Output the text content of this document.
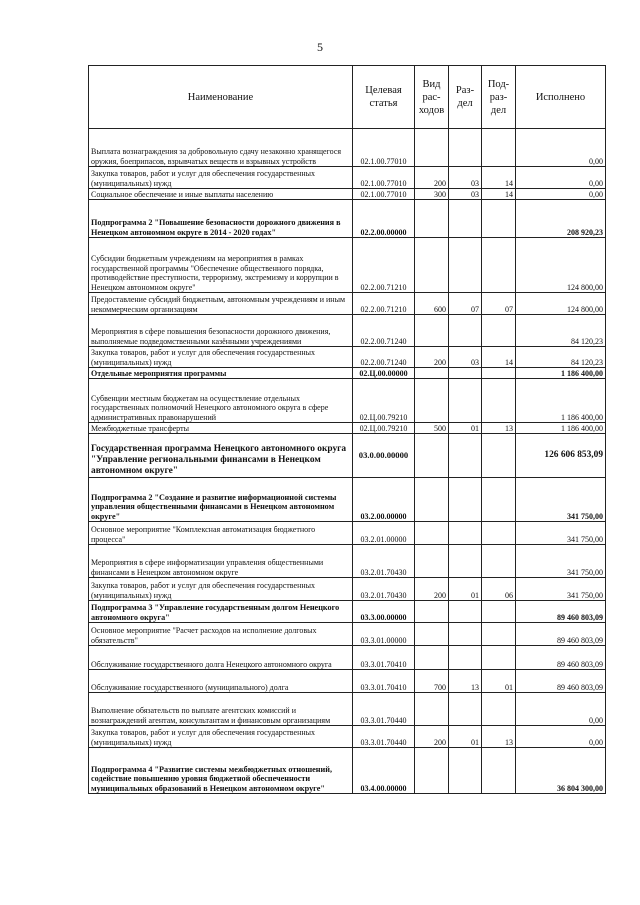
5
Наименование	Целевая статья	Вид рас-ходов	Раз-дел	Под-раз-дел	Исполнено
Выплата вознаграждения за добровольную сдачу незаконно хранящегося оружия, боеприпасов, взрывчатых веществ и взрывных устройств	02.1.00.77010				0,00
Закупка товаров, работ и услуг для обеспечения государственных (муниципальных) нужд	02.1.00.77010	200	03	14	0,00
Социальное обеспечение и иные выплаты населению	02.1.00.77010	300	03	14	0,00
Подпрограмма 2 "Повышение безопасности дорожного движения в Ненецком автономном округе в 2014 - 2020 годах"	02.2.00.00000				208 920,23
Субсидии бюджетным учреждениям на мероприятия в рамках государственной программы "Обеспечение общественного порядка, противодействие преступности, терроризму, экстремизму и коррупции в Ненецком автономном округе"	02.2.00.71210				124 800,00
Предоставление субсидий бюджетным, автономным учреждениям и иным некоммерческим организациям	02.2.00.71210	600	07	07	124 800,00
Мероприятия в сфере повышения безопасности дорожного движения, выполняемые подведомственными казёнными учреждениями	02.2.00.71240				84 120,23
Закупка товаров, работ и услуг для обеспечения государственных (муниципальных) нужд	02.2.00.71240	200	03	14	84 120,23
Отдельные мероприятия программы	02.Ц.00.00000				1 186 400,00
Субвенции местным бюджетам на осуществление отдельных государственных полномочий Ненецкого автономного округа в сфере административных правонарушений	02.Ц.00.79210				1 186 400,00
Межбюджетные трансферты	02.Ц.00.79210	500	01	13	1 186 400,00
Государственная программа Ненецкого автономного округа "Управление региональными финансами в Ненецком автономном округе"	03.0.00.00000				126 606 853,09
Подпрограмма 2 "Создание и развитие информационной системы управления общественными финансами в Ненецком автономном округе"	03.2.00.00000				341 750,00
Основное мероприятие "Комплексная автоматизация бюджетного процесса"	03.2.01.00000				341 750,00
Мероприятия в сфере информатизации управления общественными финансами в Ненецком автономном округе	03.2.01.70430				341 750,00
Закупка товаров, работ и услуг для обеспечения государственных (муниципальных) нужд	03.2.01.70430	200	01	06	341 750,00
Подпрограмма 3 "Управление государственным долгом Ненецкого автономного округа"	03.3.00.00000				89 460 803,09
Основное мероприятие "Расчет расходов на исполнение долговых обязательств"	03.3.01.00000				89 460 803,09
Обслуживание государственного долга Ненецкого автономного округа	03.3.01.70410				89 460 803,09
Обслуживание государственного (муниципального) долга	03.3.01.70410	700	13	01	89 460 803,09
Выполнение обязательств по выплате агентских комиссий и вознаграждений агентам, консультантам и финансовым организациям	03.3.01.70440				0,00
Закупка товаров, работ и услуг для обеспечения государственных (муниципальных) нужд	03.3.01.70440	200	01	13	0,00
Подпрограмма 4 "Развитие системы межбюджетных отношений, содействие повышению уровня бюджетной обеспеченности муниципальных образований в Ненецком автономном округе"	03.4.00.00000				36 804 300,00
